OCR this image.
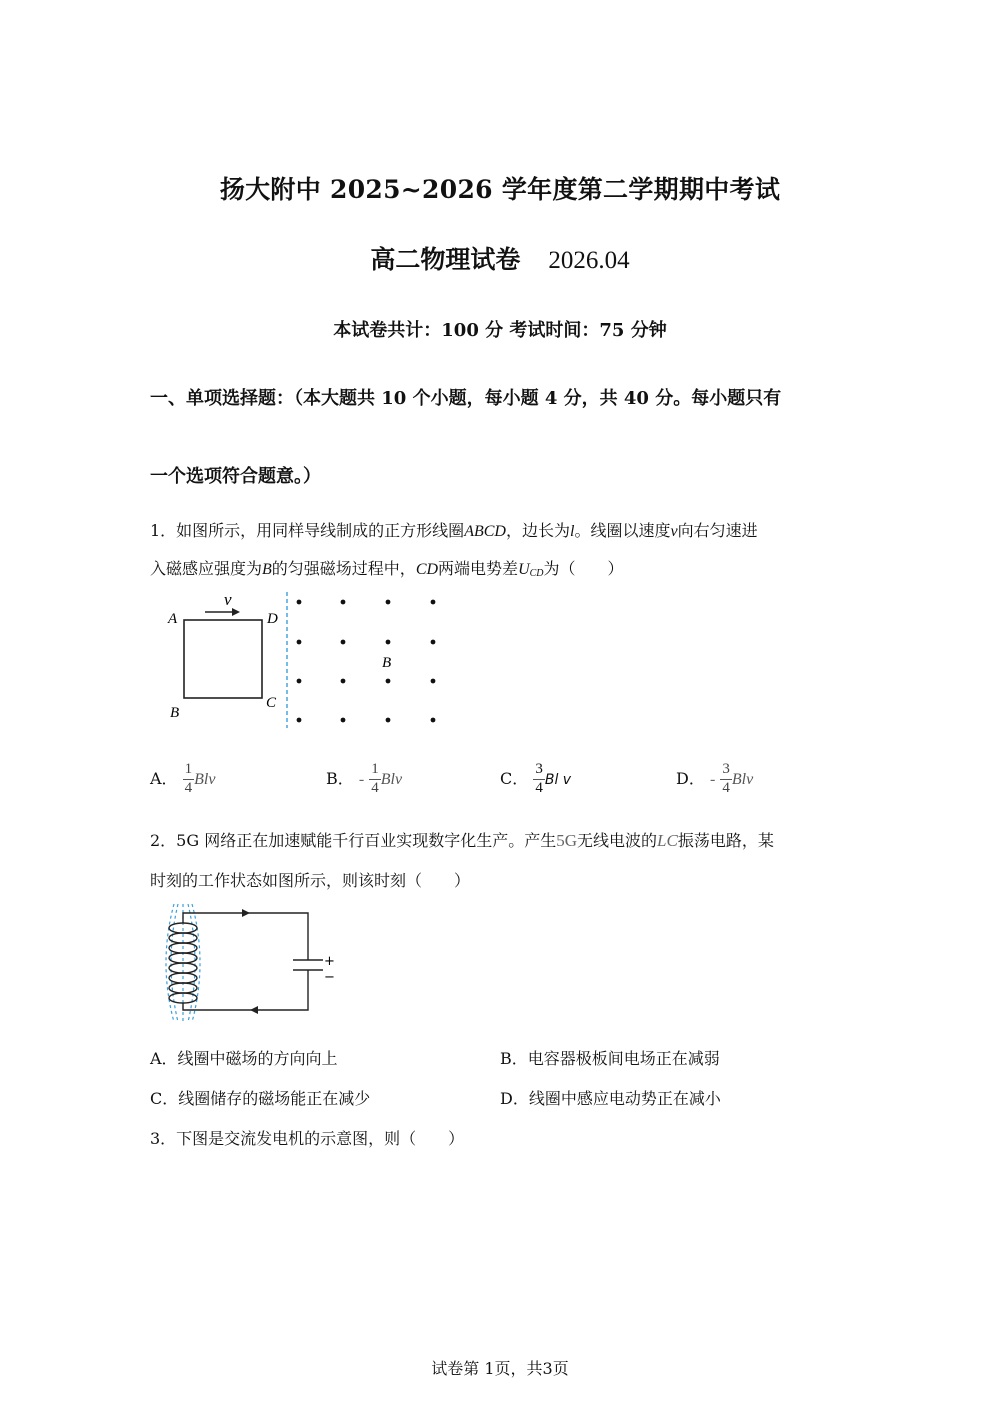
扬大附中 2025~2026 学年度第二学期期中考试
高二物理试卷 2026.04
本试卷共计：100 分 考试时间：75 分钟
一、单项选择题：（本大题共 10 个小题，每小题 4 分，共 40 分。每小题只有
一个选项符合题意。）
1．如图所示，用同样导线制成的正方形线圈ABCD，边长为l。线圈以速度v向右匀速进
入磁感应强度为B的匀强磁场过程中，CD两端电势差$U_{CD}$为（　　）
v
A	D
C
B
B
A． $\frac{1}{4}$ Blv	B． - $\frac{1}{4}$ Blv	C． $\frac{3}{4}$ Bl v	D． - $\frac{3}{4}$ Blv
2．5G 网络正在加速赋能千行百业实现数字化生产。产生5G无线电波的LC振荡电路，某
时刻的工作状态如图所示，则该时刻（　　）
+
−
A．线圈中磁场的方向向上	B．电容器极板间电场正在减弱
C．线圈储存的磁场能正在减少	D．线圈中感应电动势正在减小
3．下图是交流发电机的示意图，则（　　）
试卷第 1页，共3页
